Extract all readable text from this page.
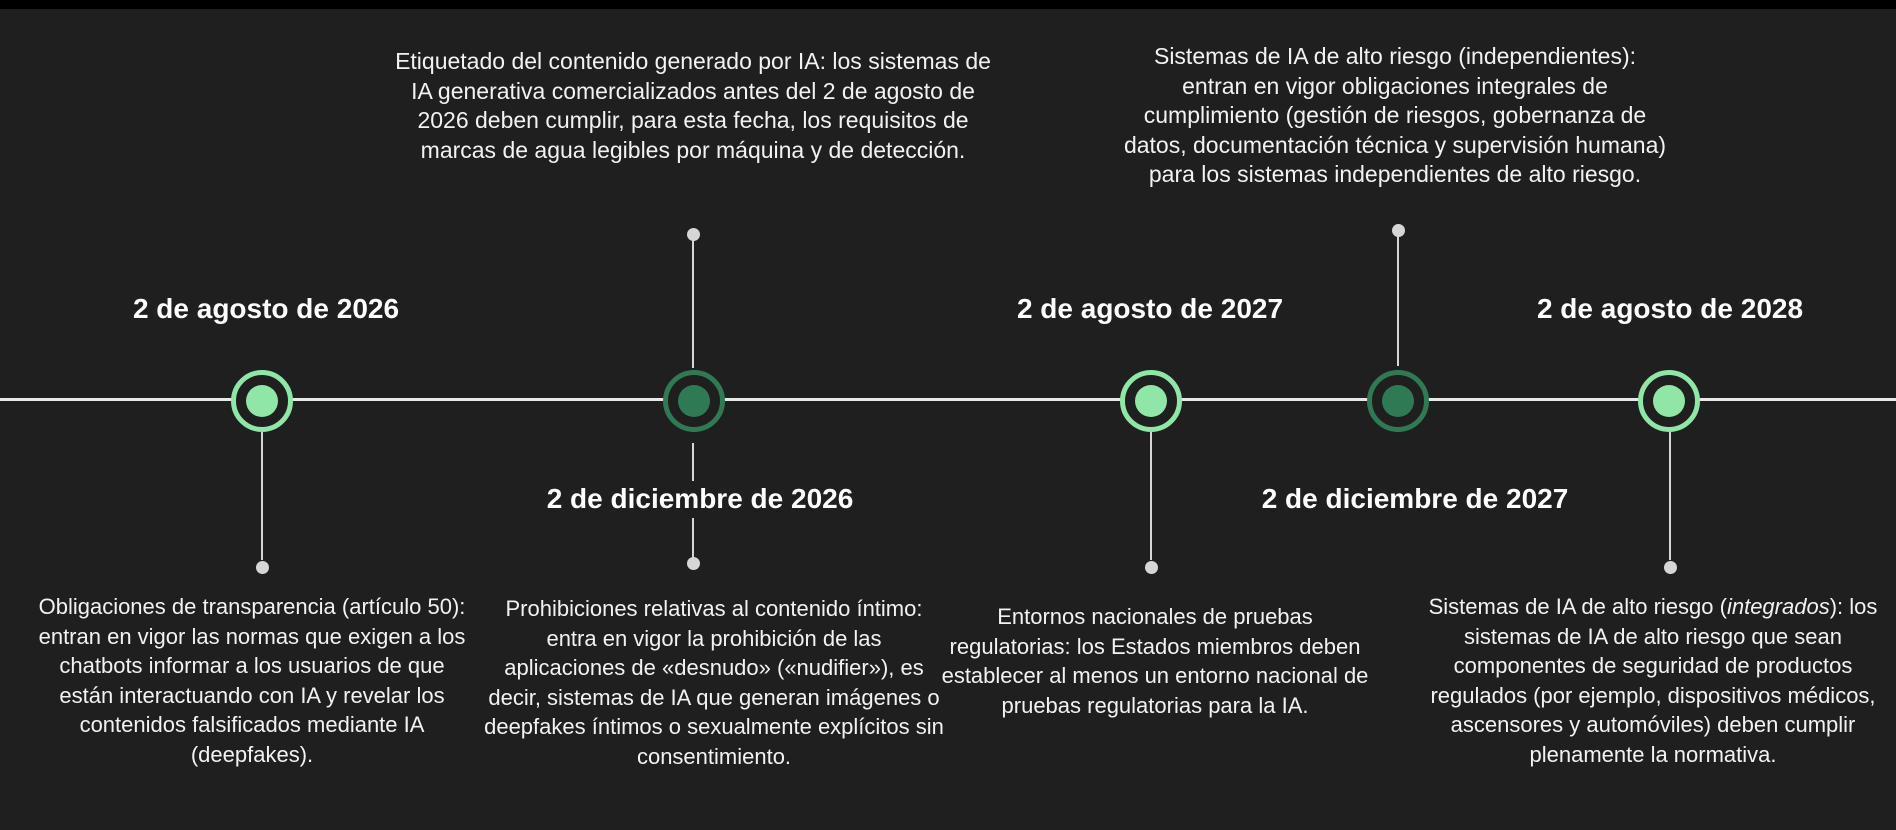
2 de agosto de 2026
Obligaciones de transparencia (artículo 50): entran en vigor las normas que exigen a los chatbots informar a los usuarios de que están interactuando con IA y revelar los contenidos falsificados mediante IA (deepfakes).
Etiquetado del contenido generado por IA: los sistemas de IA generativa comercializados antes del 2 de agosto de 2026 deben cumplir, para esta fecha, los requisitos de marcas de agua legibles por máquina y de detección.
2 de diciembre de 2026
Prohibiciones relativas al contenido íntimo: entra en vigor la prohibición de las aplicaciones de «desnudo» («nudifier»), es decir, sistemas de IA que generan imágenes o deepfakes íntimos o sexualmente explícitos sin consentimiento.
2 de agosto de 2027
Entornos nacionales de pruebas regulatorias: los Estados miembros deben establecer al menos un entorno nacional de pruebas regulatorias para la IA.
Sistemas de IA de alto riesgo (independientes): entran en vigor obligaciones integrales de cumplimiento (gestión de riesgos, gobernanza de datos, documentación técnica y supervisión humana) para los sistemas independientes de alto riesgo.
2 de diciembre de 2027
2 de agosto de 2028
Sistemas de IA de alto riesgo (integrados): los sistemas de IA de alto riesgo que sean componentes de seguridad de productos regulados (por ejemplo, dispositivos médicos, ascensores y automóviles) deben cumplir plenamente la normativa.
